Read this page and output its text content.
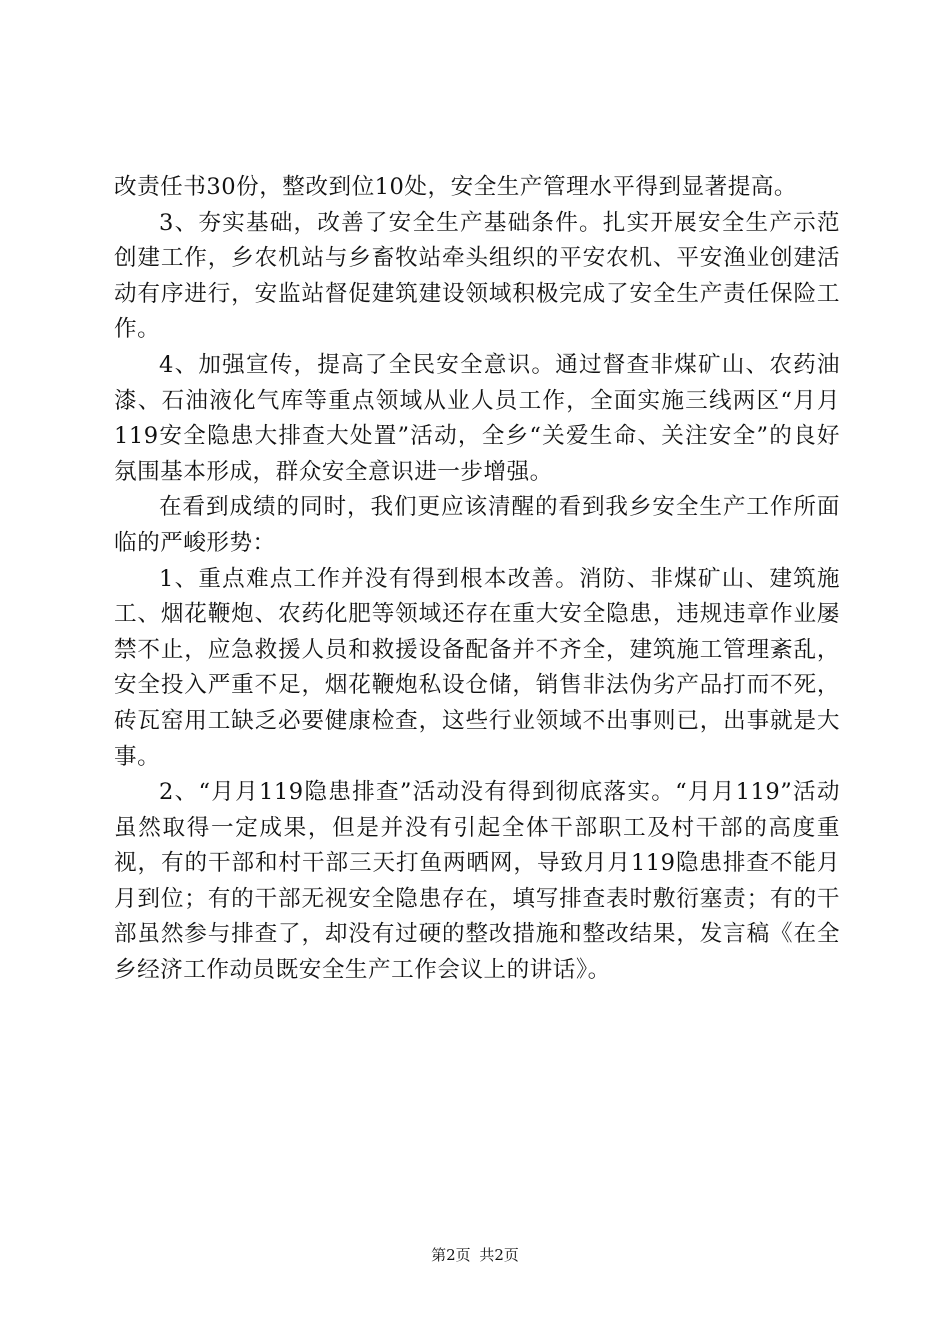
改责任书30份，整改到位10处，安全生产管理水平得到显著提高。

3、夯实基础，改善了安全生产基础条件。扎实开展安全生产示范创建工作，乡农机站与乡畜牧站牵头组织的平安农机、平安渔业创建活动有序进行，安监站督促建筑建设领域积极完成了安全生产责任保险工作。

4、加强宣传，提高了全民安全意识。通过督查非煤矿山、农药油漆、石油液化气库等重点领域从业人员工作，全面实施三线两区“月月119安全隐患大排查大处置”活动，全乡“关爱生命、关注安全”的良好氛围基本形成，群众安全意识进一步增强。

在看到成绩的同时，我们更应该清醒的看到我乡安全生产工作所面临的严峻形势：

1、重点难点工作并没有得到根本改善。消防、非煤矿山、建筑施工、烟花鞭炮、农药化肥等领域还存在重大安全隐患，违规违章作业屡禁不止，应急救援人员和救援设备配备并不齐全，建筑施工管理紊乱，安全投入严重不足，烟花鞭炮私设仓储，销售非法伪劣产品打而不死，砖瓦窑用工缺乏必要健康检查，这些行业领域不出事则已，出事就是大事。

2、“月月119隐患排查”活动没有得到彻底落实。“月月119”活动虽然取得一定成果，但是并没有引起全体干部职工及村干部的高度重视，有的干部和村干部三天打鱼两晒网，导致月月119隐患排查不能月月到位；有的干部无视安全隐患存在，填写排查表时敷衍塞责；有的干部虽然参与排查了，却没有过硬的整改措施和整改结果，发言稿《在全乡经济工作动员既安全生产工作会议上的讲话》。

第2页 共2页
